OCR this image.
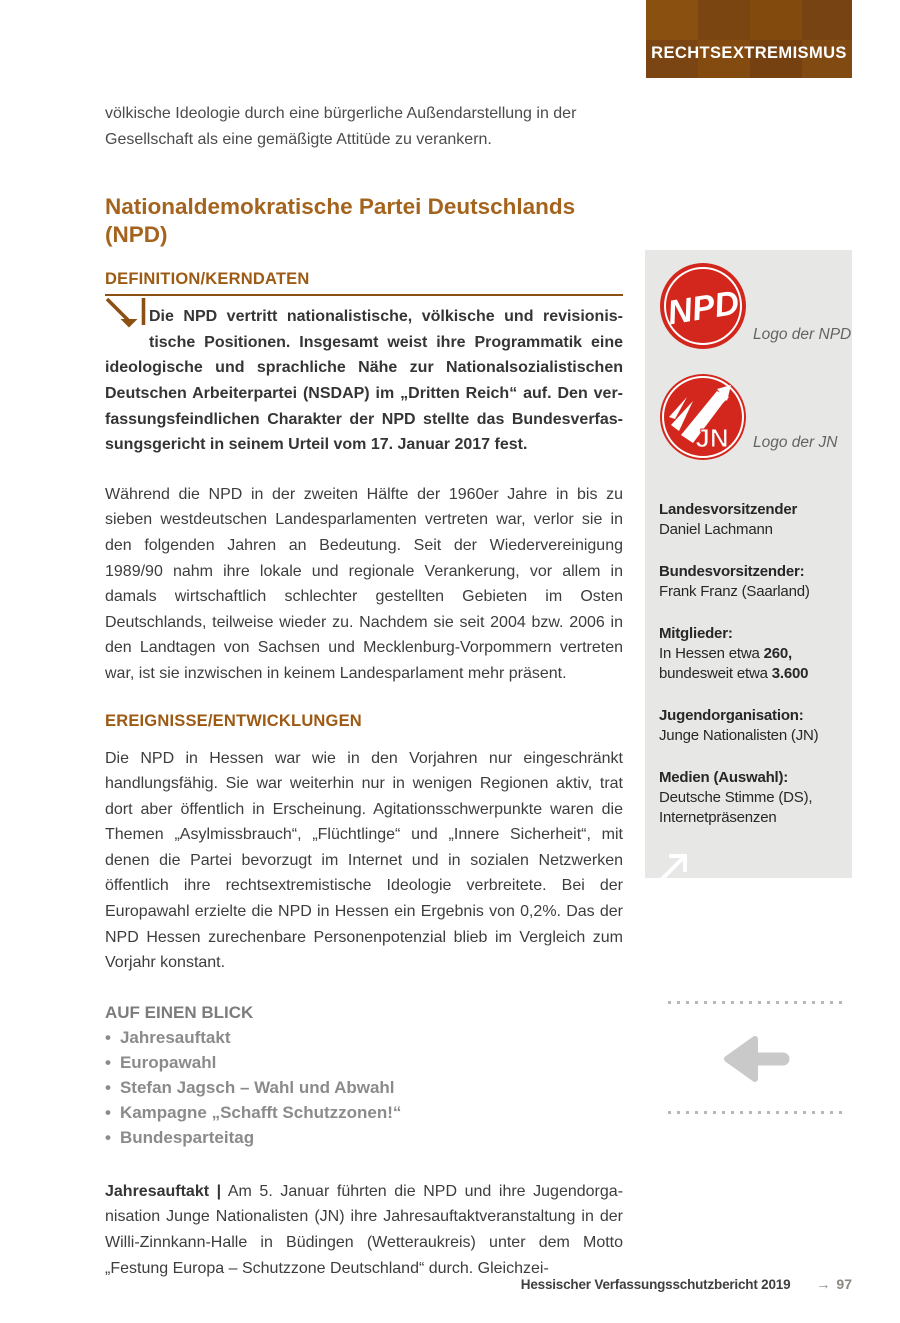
RECHTSEXTREMISMUS

völkische Ideologie durch eine bürgerliche Außendarstellung in der Gesellschaft als eine gemäßigte Attitüde zu verankern.

Nationaldemokratische Partei Deutschlands (NPD)
DEFINITION/KERNDATEN

Die NPD vertritt nationalistische, völkische und revisionistische Positionen. Insgesamt weist ihre Programmatik eine ideologische und sprachliche Nähe zur Nationalsozialistischen Deutschen Arbeiterpartei (NSDAP) im „Dritten Reich“ auf. Den verfassungsfeindlichen Charakter der NPD stellte das Bundesverfassungsgericht in seinem Urteil vom 17. Januar 2017 fest.

Während die NPD in der zweiten Hälfte der 1960er Jahre in bis zu sieben westdeutschen Landesparlamenten vertreten war, verlor sie in den folgenden Jahren an Bedeutung. Seit der Wiedervereinigung 1989/90 nahm ihre lokale und regionale Verankerung, vor allem in damals wirtschaftlich schlechter gestellten Gebieten im Osten Deutschlands, teilweise wieder zu. Nachdem sie seit 2004 bzw. 2006 in den Landtagen von Sachsen und Mecklenburg-Vorpommern vertreten war, ist sie inzwischen in keinem Landesparlament mehr präsent.

EREIGNISSE/ENTWICKLUNGEN

Die NPD in Hessen war wie in den Vorjahren nur eingeschränkt handlungsfähig. Sie war weiterhin nur in wenigen Regionen aktiv, trat dort aber öffentlich in Erscheinung. Agitationsschwerpunkte waren die Themen „Asylmissbrauch“, „Flüchtlinge“ und „Innere Sicherheit“, mit denen die Partei bevorzugt im Internet und in sozialen Netzwerken öffentlich ihre rechtsextremistische Ideologie verbreitete. Bei der Europawahl erzielte die NPD in Hessen ein Ergebnis von 0,2%. Das der NPD Hessen zurechenbare Personenpotenzial blieb im Vergleich zum Vorjahr konstant.

AUF EINEN BLICK
• Jahresauftakt
• Europawahl
• Stefan Jagsch – Wahl und Abwahl
• Kampagne „Schafft Schutzzonen!“
• Bundesparteitag

Jahresauftakt | Am 5. Januar führten die NPD und ihre Jugendorganisation Junge Nationalisten (JN) ihre Jahresauftaktveranstaltung in der Willi-Zinnkann-Halle in Büdingen (Wetteraukreis) unter dem Motto „Festung Europa – Schutzzone Deutschland“ durch. Gleichzei-

NPD
Logo der NPD
JN Logo der JN
Landesvorsitzender
Daniel Lachmann
Bundesvorsitzender:
Frank Franz (Saarland)
Mitglieder:
In Hessen etwa 260,
bundesweit etwa 3.600
Jugendorganisation:
Junge Nationalisten (JN)
Medien (Auswahl):
Deutsche Stimme (DS),
Internetpräsenzen
Hessischer Verfassungsschutzbericht 2019 → 97
